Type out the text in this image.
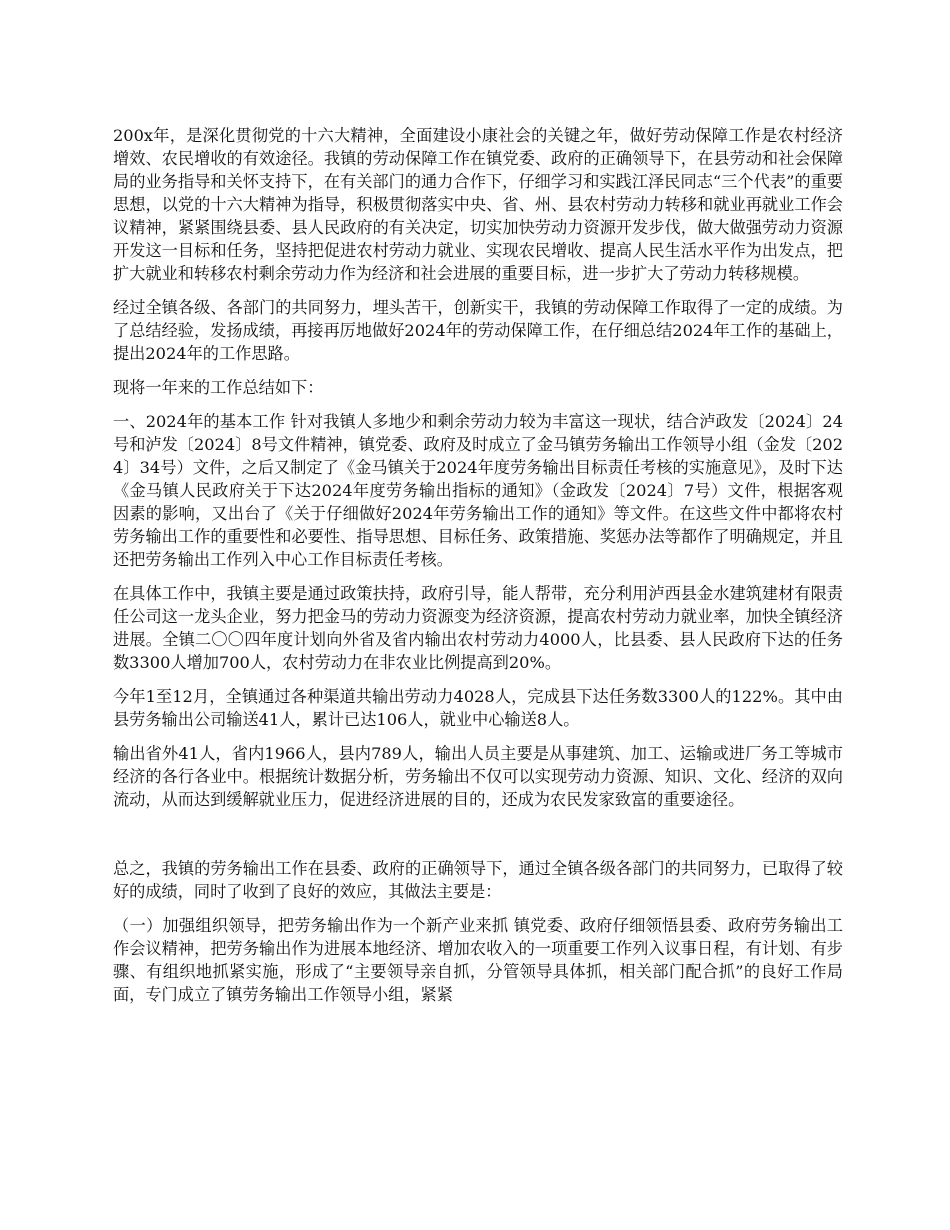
200x年，是深化贯彻党的十六大精神，全面建设小康社会的关键之年，做好劳动保障工作是农村经济增效、农民增收的有效途径。我镇的劳动保障工作在镇党委、政府的正确领导下，在县劳动和社会保障局的业务指导和关怀支持下，在有关部门的通力合作下，仔细学习和实践江泽民同志“三个代表”的重要思想，以党的十六大精神为指导，积极贯彻落实中央、省、州、县农村劳动力转移和就业再就业工作会议精神，紧紧围绕县委、县人民政府的有关决定，切实加快劳动力资源开发步伐，做大做强劳动力资源开发这一目标和任务，坚持把促进农村劳动力就业、实现农民增收、提高人民生活水平作为出发点，把扩大就业和转移农村剩余劳动力作为经济和社会进展的重要目标，进一步扩大了劳动力转移规模。

经过全镇各级、各部门的共同努力，埋头苦干，创新实干，我镇的劳动保障工作取得了一定的成绩。为了总结经验，发扬成绩，再接再厉地做好2024年的劳动保障工作，在仔细总结2024年工作的基础上，提出2024年的工作思路。

现将一年来的工作总结如下：

一、2024年的基本工作 针对我镇人多地少和剩余劳动力较为丰富这一现状，结合泸政发〔2024〕24号和泸发〔2024〕8号文件精神，镇党委、政府及时成立了金马镇劳务输出工作领导小组（金发〔2024〕34号）文件，之后又制定了《金马镇关于2024年度劳务输出目标责任考核的实施意见》，及时下达《金马镇人民政府关于下达2024年度劳务输出指标的通知》（金政发〔2024〕7号）文件，根据客观因素的影响，又出台了《关于仔细做好2024年劳务输出工作的通知》等文件。在这些文件中都将农村劳务输出工作的重要性和必要性、指导思想、目标任务、政策措施、奖惩办法等都作了明确规定，并且还把劳务输出工作列入中心工作目标责任考核。

在具体工作中，我镇主要是通过政策扶持，政府引导，能人帮带，充分利用泸西县金水建筑建材有限责任公司这一龙头企业，努力把金马的劳动力资源变为经济资源，提高农村劳动力就业率，加快全镇经济进展。全镇二〇〇四年度计划向外省及省内输出农村劳动力4000人，比县委、县人民政府下达的任务数3300人增加700人，农村劳动力在非农业比例提高到20%。

今年1至12月，全镇通过各种渠道共输出劳动力4028人，完成县下达任务数3300人的122%。其中由县劳务输出公司输送41人，累计已达106人，就业中心输送8人。

输出省外41人，省内1966人，县内789人，输出人员主要是从事建筑、加工、运输或进厂务工等城市经济的各行各业中。根据统计数据分析，劳务输出不仅可以实现劳动力资源、知识、文化、经济的双向流动，从而达到缓解就业压力，促进经济进展的目的，还成为农民发家致富的重要途径。

总之，我镇的劳务输出工作在县委、政府的正确领导下，通过全镇各级各部门的共同努力，已取得了较好的成绩，同时了收到了良好的效应，其做法主要是：

（一）加强组织领导，把劳务输出作为一个新产业来抓 镇党委、政府仔细领悟县委、政府劳务输出工作会议精神，把劳务输出作为进展本地经济、增加农收入的一项重要工作列入议事日程，有计划、有步骤、有组织地抓紧实施，形成了“主要领导亲自抓，分管领导具体抓，相关部门配合抓”的良好工作局面，专门成立了镇劳务输出工作领导小组，紧紧
